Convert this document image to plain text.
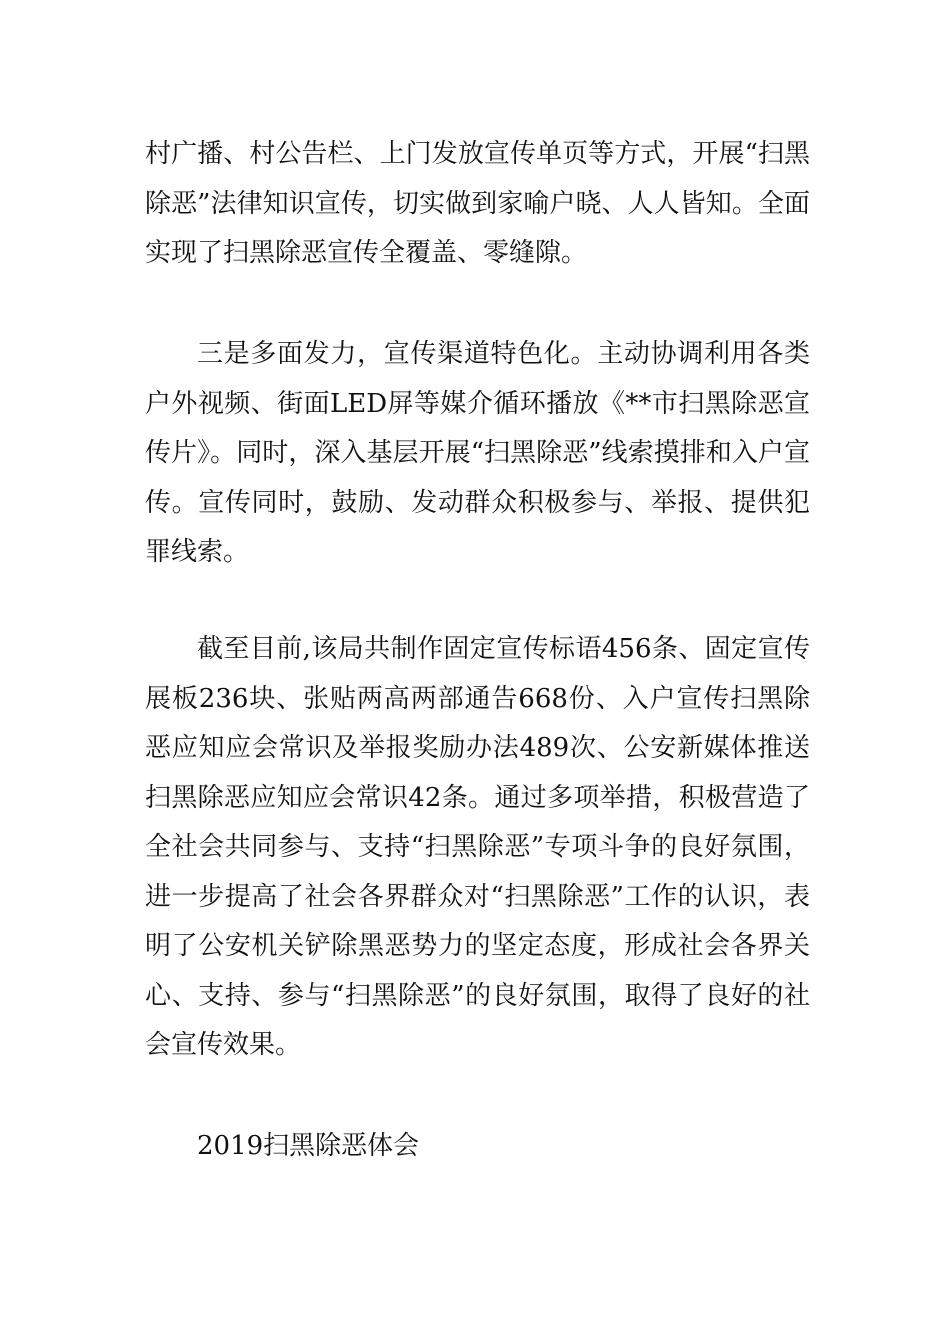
村广播、村公告栏、上门发放宣传单页等方式，开展“扫黑除恶”法律知识宣传，切实做到家喻户晓、人人皆知。全面实现了扫黑除恶宣传全覆盖、零缝隙。

三是多面发力，宣传渠道特色化。主动协调利用各类户外视频、街面LED屏等媒介循环播放《**市扫黑除恶宣传片》。同时，深入基层开展“扫黑除恶”线索摸排和入户宣传。宣传同时，鼓励、发动群众积极参与、举报、提供犯罪线索。

截至目前,该局共制作固定宣传标语456条、固定宣传展板236块、张贴两高两部通告668份、入户宣传扫黑除恶应知应会常识及举报奖励办法489次、公安新媒体推送扫黑除恶应知应会常识42条。通过多项举措，积极营造了全社会共同参与、支持“扫黑除恶”专项斗争的良好氛围，进一步提高了社会各界群众对“扫黑除恶”工作的认识，表明了公安机关铲除黑恶势力的坚定态度，形成社会各界关心、支持、参与“扫黑除恶”的良好氛围，取得了良好的社会宣传效果。

2019扫黑除恶体会
